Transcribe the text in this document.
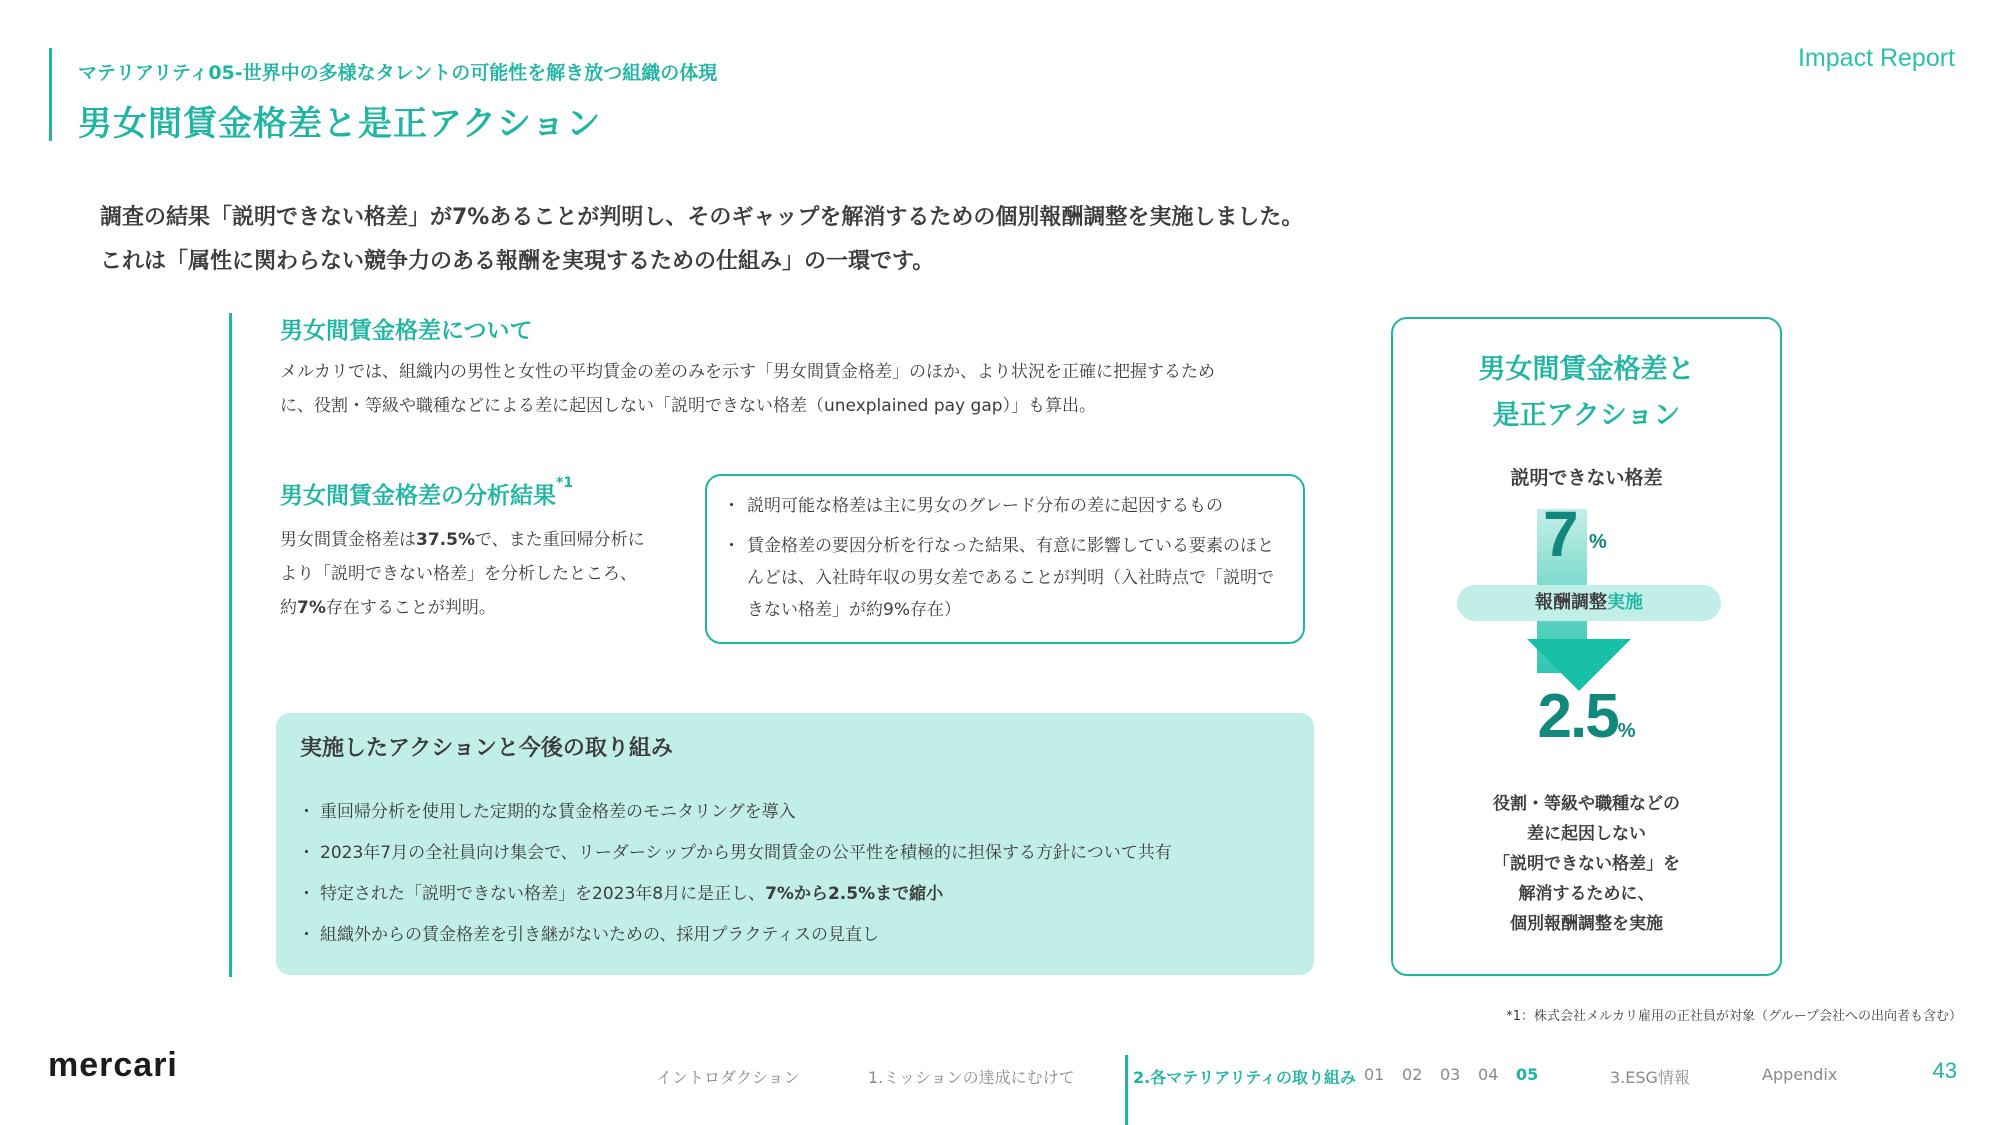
マテリアリティ05-世界中の多様なタレントの可能性を解き放つ組織の体現
男女間賃金格差と是正アクション
Impact Report
調査の結果「説明できない格差」が7%あることが判明し、そのギャップを解消するための個別報酬調整を実施しました。
これは「属性に関わらない競争力のある報酬を実現するための仕組み」の一環です。
男女間賃金格差について
メルカリでは、組織内の男性と女性の平均賃金の差のみを示す「男女間賃金格差」のほか、より状況を正確に把握するため
に、役割・等級や職種などによる差に起因しない「説明できない格差（unexplained pay gap）」も算出。
男女間賃金格差の分析結果$^{*1}$
男女間賃金格差は37.5%で、また重回帰分析に
より「説明できない格差」を分析したところ、
約7%存在することが判明。
・ 説明可能な格差は主に男女のグレード分布の差に起因するもの
・ 賃金格差の要因分析を行なった結果、有意に影響している要素のほとんどは、入社時年収の男女差であることが判明（入社時点で「説明できない格差」が約9%存在）
実施したアクションと今後の取り組み
・ 重回帰分析を使用した定期的な賃金格差のモニタリングを導入
・ 2023年7月の全社員向け集会で、リーダーシップから男女間賃金の公平性を積極的に担保する方針について共有
・ 特定された「説明できない格差」を2023年8月に是正し、7%から2.5%まで縮小
・ 組織外からの賃金格差を引き継がないための、採用プラクティスの見直し
男女間賃金格差と
是正アクション
説明できない格差
7 %
報酬調整実施
2.5%
役割・等級や職種などの
差に起因しない
「説明できない格差」を
解消するために、
個別報酬調整を実施
*1：株式会社メルカリ雇用の正社員が対象（グループ会社への出向者も含む）
mercari	イントロダクション	1.ミッションの達成にむけて	2.各マテリアリティの取り組み 01 02 03 04 05	3.ESG情報	Appendix	43
